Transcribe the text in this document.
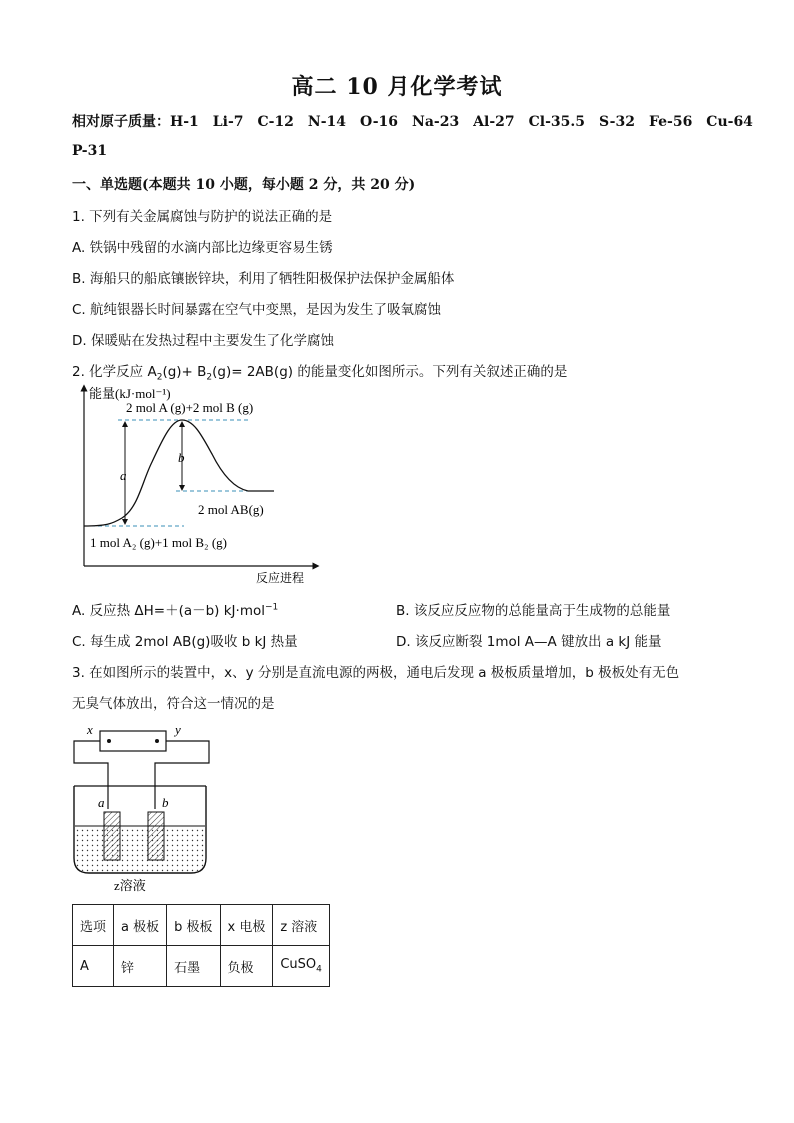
高二 10 月化学考试
相对原子质量：H-1　Li-7　C-12　N-14　O-16　Na-23　Al-27　Cl-35.5　S-32　Fe-56　Cu-64
P-31
一、单选题(本题共 10 小题，每小题 2 分，共 20 分)
1. 下列有关金属腐蚀与防护的说法正确的是
A. 铁锅中残留的水滴内部比边缘更容易生锈
B. 海船只的船底镶嵌锌块，利用了牺牲阳极保护法保护金属船体
C. 航纯银器长时间暴露在空气中变黑，是因为发生了吸氧腐蚀
D. 保暖贴在发热过程中主要发生了化学腐蚀
2. 化学反应 $A_2(g)+ B_2(g)= 2AB(g)$ 的能量变化如图所示。下列有关叙述正确的是
能量(kJ·mol⁻¹)
反应进程
a
b
2 mol A (g)+2 mol B (g)
2 mol AB(g)
1 mol A₂ (g)+1 mol B₂ (g)
A. 反应热 ΔH=＋(a－b) kJ·mol$^{-1}$	B. 该反应反应物的总能量高于生成物的总能量
C. 每生成 2mol AB(g)吸收 b kJ 热量	D. 该反应断裂 1mol A—A 键放出 a kJ 能量
3. 在如图所示的装置中，x、y 分别是直流电源的两极，通电后发现 a 极板质量增加，b 极板处有无色
无臭气体放出，符合这一情况的是
x	y
a	b
z溶液
选项	a 极板	b 极板	x 电极	z 溶液
A	锌	石墨	负极	CuSO$_4$
